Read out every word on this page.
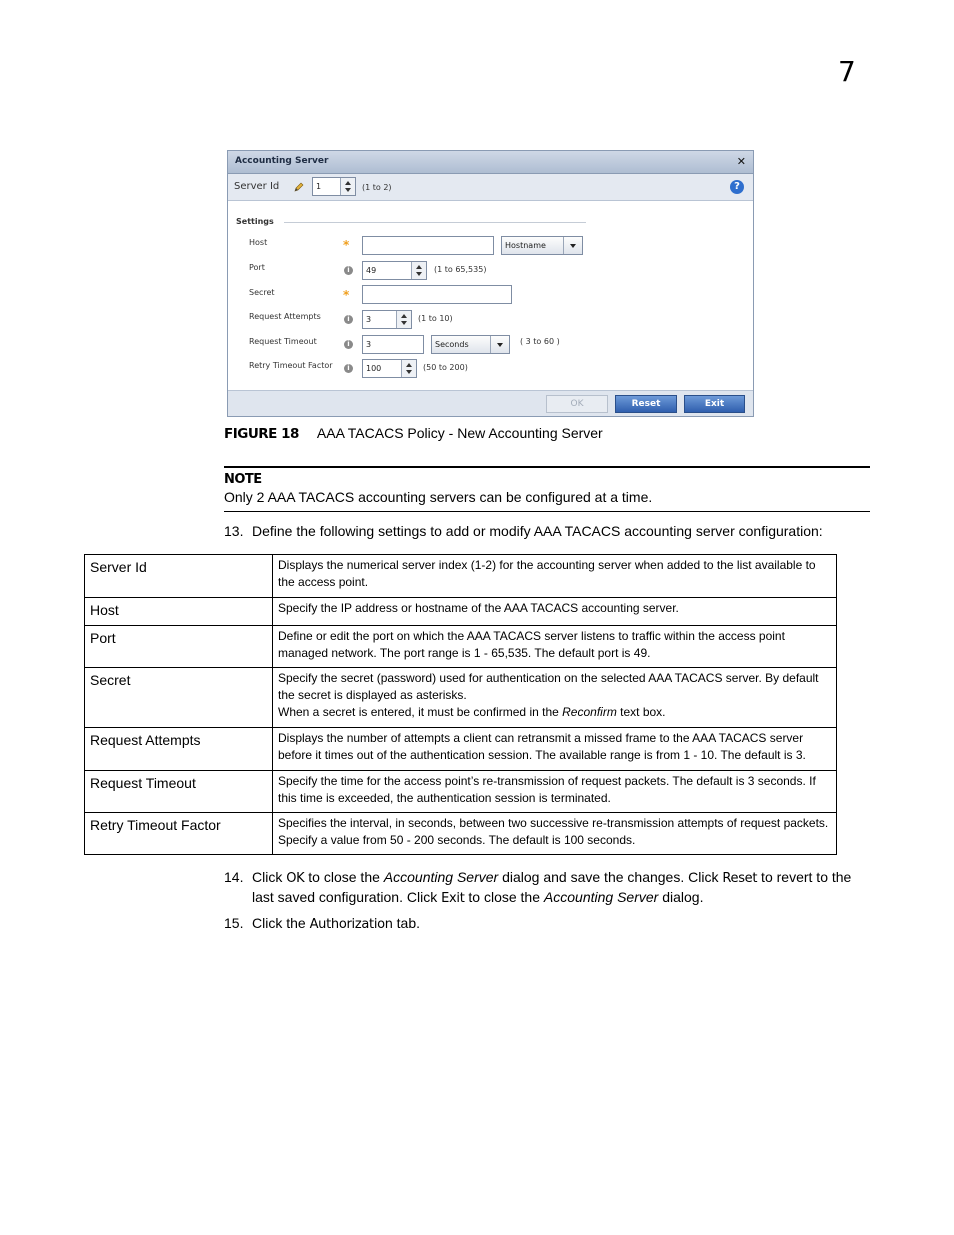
7
Accounting Server	✕
Server Id	1	(1 to 2)	?
Settings
Host	*	Hostname
Port	i	49	(1 to 65,535)
Secret	*
Request Attempts	i	3	(1 to 10)
Request Timeout	i	3	Seconds	( 3 to 60 )
Retry Timeout Factor	i	100	(50 to 200)
OK	Reset	Exit
FIGURE 18 AAA TACACS Policy - New Accounting Server
NOTE
Only 2 AAA TACACS accounting servers can be configured at a time.
13. Define the following settings to add or modify AAA TACACS accounting server configuration:
Server Id	Displays the numerical server index (1-2) for the accounting server when added to the list available to the access point.
Host	Specify the IP address or hostname of the AAA TACACS accounting server.
Port	Define or edit the port on which the AAA TACACS server listens to traffic within the access point managed network. The port range is 1 - 65,535. The default port is 49.
Secret	Specify the secret (password) used for authentication on the selected AAA TACACS server. By default the secret is displayed as asterisks.
When a secret is entered, it must be confirmed in the Reconfirm text box.

Request Attempts	Displays the number of attempts a client can retransmit a missed frame to the AAA TACACS server before it times out of the authentication session. The available range is from 1 - 10. The default is 3.
Request Timeout	Specify the time for the access point’s re-transmission of request packets. The default is 3 seconds. If this time is exceeded, the authentication session is terminated.
Retry Timeout Factor	Specifies the interval, in seconds, between two successive re-transmission attempts of request packets. Specify a value from 50 - 200 seconds. The default is 100 seconds.
14. Click OK to close the Accounting Server dialog and save the changes. Click Reset to revert to the last saved configuration. Click Exit to close the Accounting Server dialog.
15. Click the Authorization tab.
